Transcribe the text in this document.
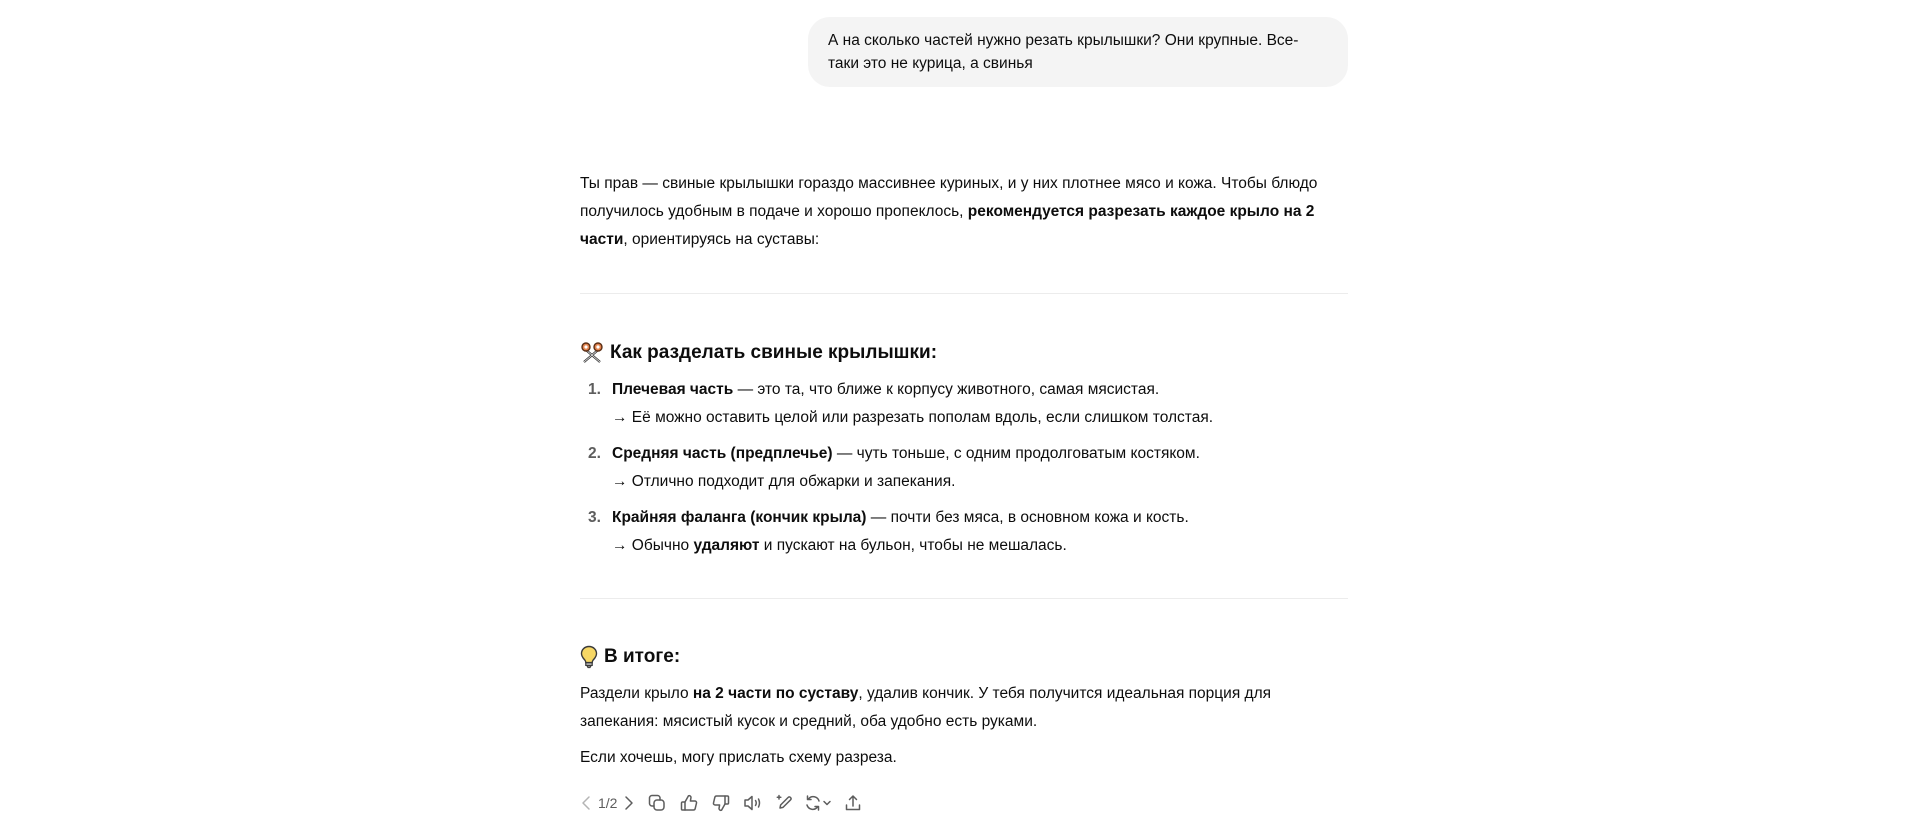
А на сколько частей нужно резать крылышки? Они крупные. Все-таки это не курица, а свинья

Ты прав — свиные крылышки гораздо массивнее куриных, и у них плотнее мясо и кожа. Чтобы блюдо получилось удобным в подаче и хорошо пропеклось, рекомендуется разрезать каждое крыло на 2 части, ориентируясь на суставы:

Как разделать свиные крылышки:
1. Плечевая часть — это та, что ближе к корпусу животного, самая мясистая.
→ Её можно оставить целой или разрезать пополам вдоль, если слишком толстая.
2. Средняя часть (предплечье) — чуть тоньше, с одним продолговатым костяком.
→ Отлично подходит для обжарки и запекания.
3. Крайняя фаланга (кончик крыла) — почти без мяса, в основном кожа и кость.
→ Обычно удаляют и пускают на бульон, чтобы не мешалась.
В итоге:

Раздели крыло на 2 части по суставу, удалив кончик. У тебя получится идеальная порция для запекания: мясистый кусок и средний, оба удобно есть руками.

Если хочешь, могу прислать схему разреза.

1/2
